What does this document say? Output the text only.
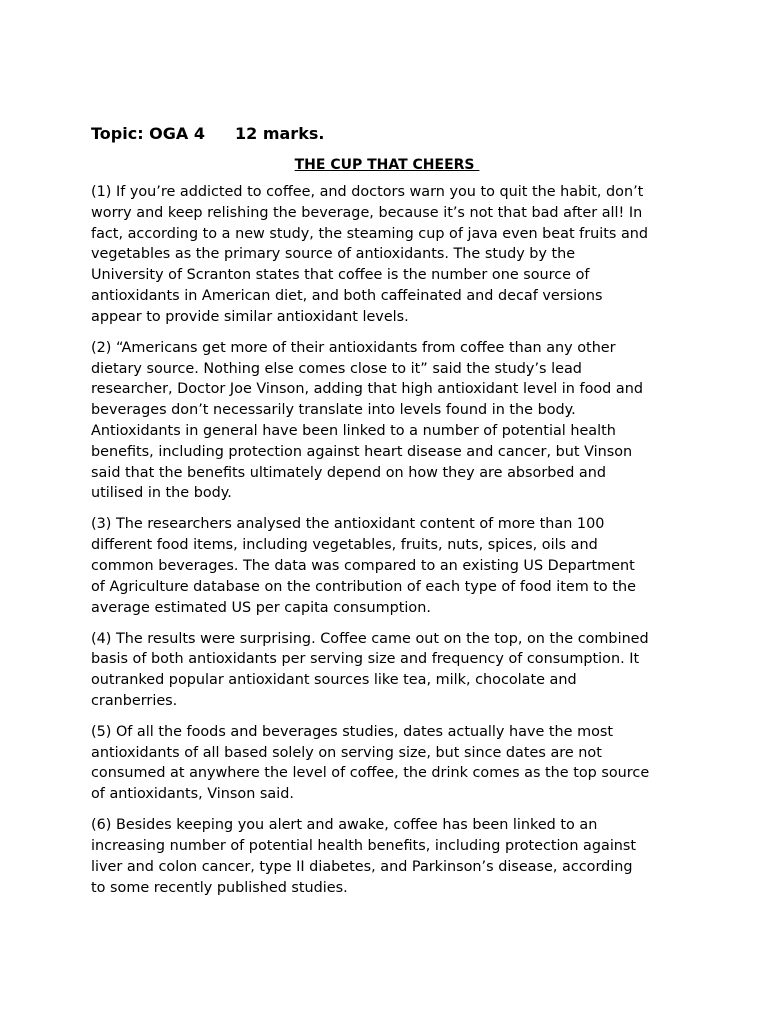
Topic: OGA 4 12 marks.
THE CUP THAT CHEERS
(1) If you’re addicted to coffee, and doctors warn you to quit the habit, don’t
worry and keep relishing the beverage, because it’s not that bad after all! In
fact, according to a new study, the steaming cup of java even beat fruits and
vegetables as the primary source of antioxidants. The study by the
University of Scranton states that coffee is the number one source of
antioxidants in American diet, and both caffeinated and decaf versions
appear to provide similar antioxidant levels.
(2) “Americans get more of their antioxidants from coffee than any other
dietary source. Nothing else comes close to it” said the study’s lead
researcher, Doctor Joe Vinson, adding that high antioxidant level in food and
beverages don’t necessarily translate into levels found in the body.
Antioxidants in general have been linked to a number of potential health
benefits, including protection against heart disease and cancer, but Vinson
said that the benefits ultimately depend on how they are absorbed and
utilised in the body.
(3) The researchers analysed the antioxidant content of more than 100
different food items, including vegetables, fruits, nuts, spices, oils and
common beverages. The data was compared to an existing US Department
of Agriculture database on the contribution of each type of food item to the
average estimated US per capita consumption.
(4) The results were surprising. Coffee came out on the top, on the combined
basis of both antioxidants per serving size and frequency of consumption. It
outranked popular antioxidant sources like tea, milk, chocolate and
cranberries.
(5) Of all the foods and beverages studies, dates actually have the most
antioxidants of all based solely on serving size, but since dates are not
consumed at anywhere the level of coffee, the drink comes as the top source
of antioxidants, Vinson said.
(6) Besides keeping you alert and awake, coffee has been linked to an
increasing number of potential health benefits, including protection against
liver and colon cancer, type II diabetes, and Parkinson’s disease, according
to some recently published studies.
